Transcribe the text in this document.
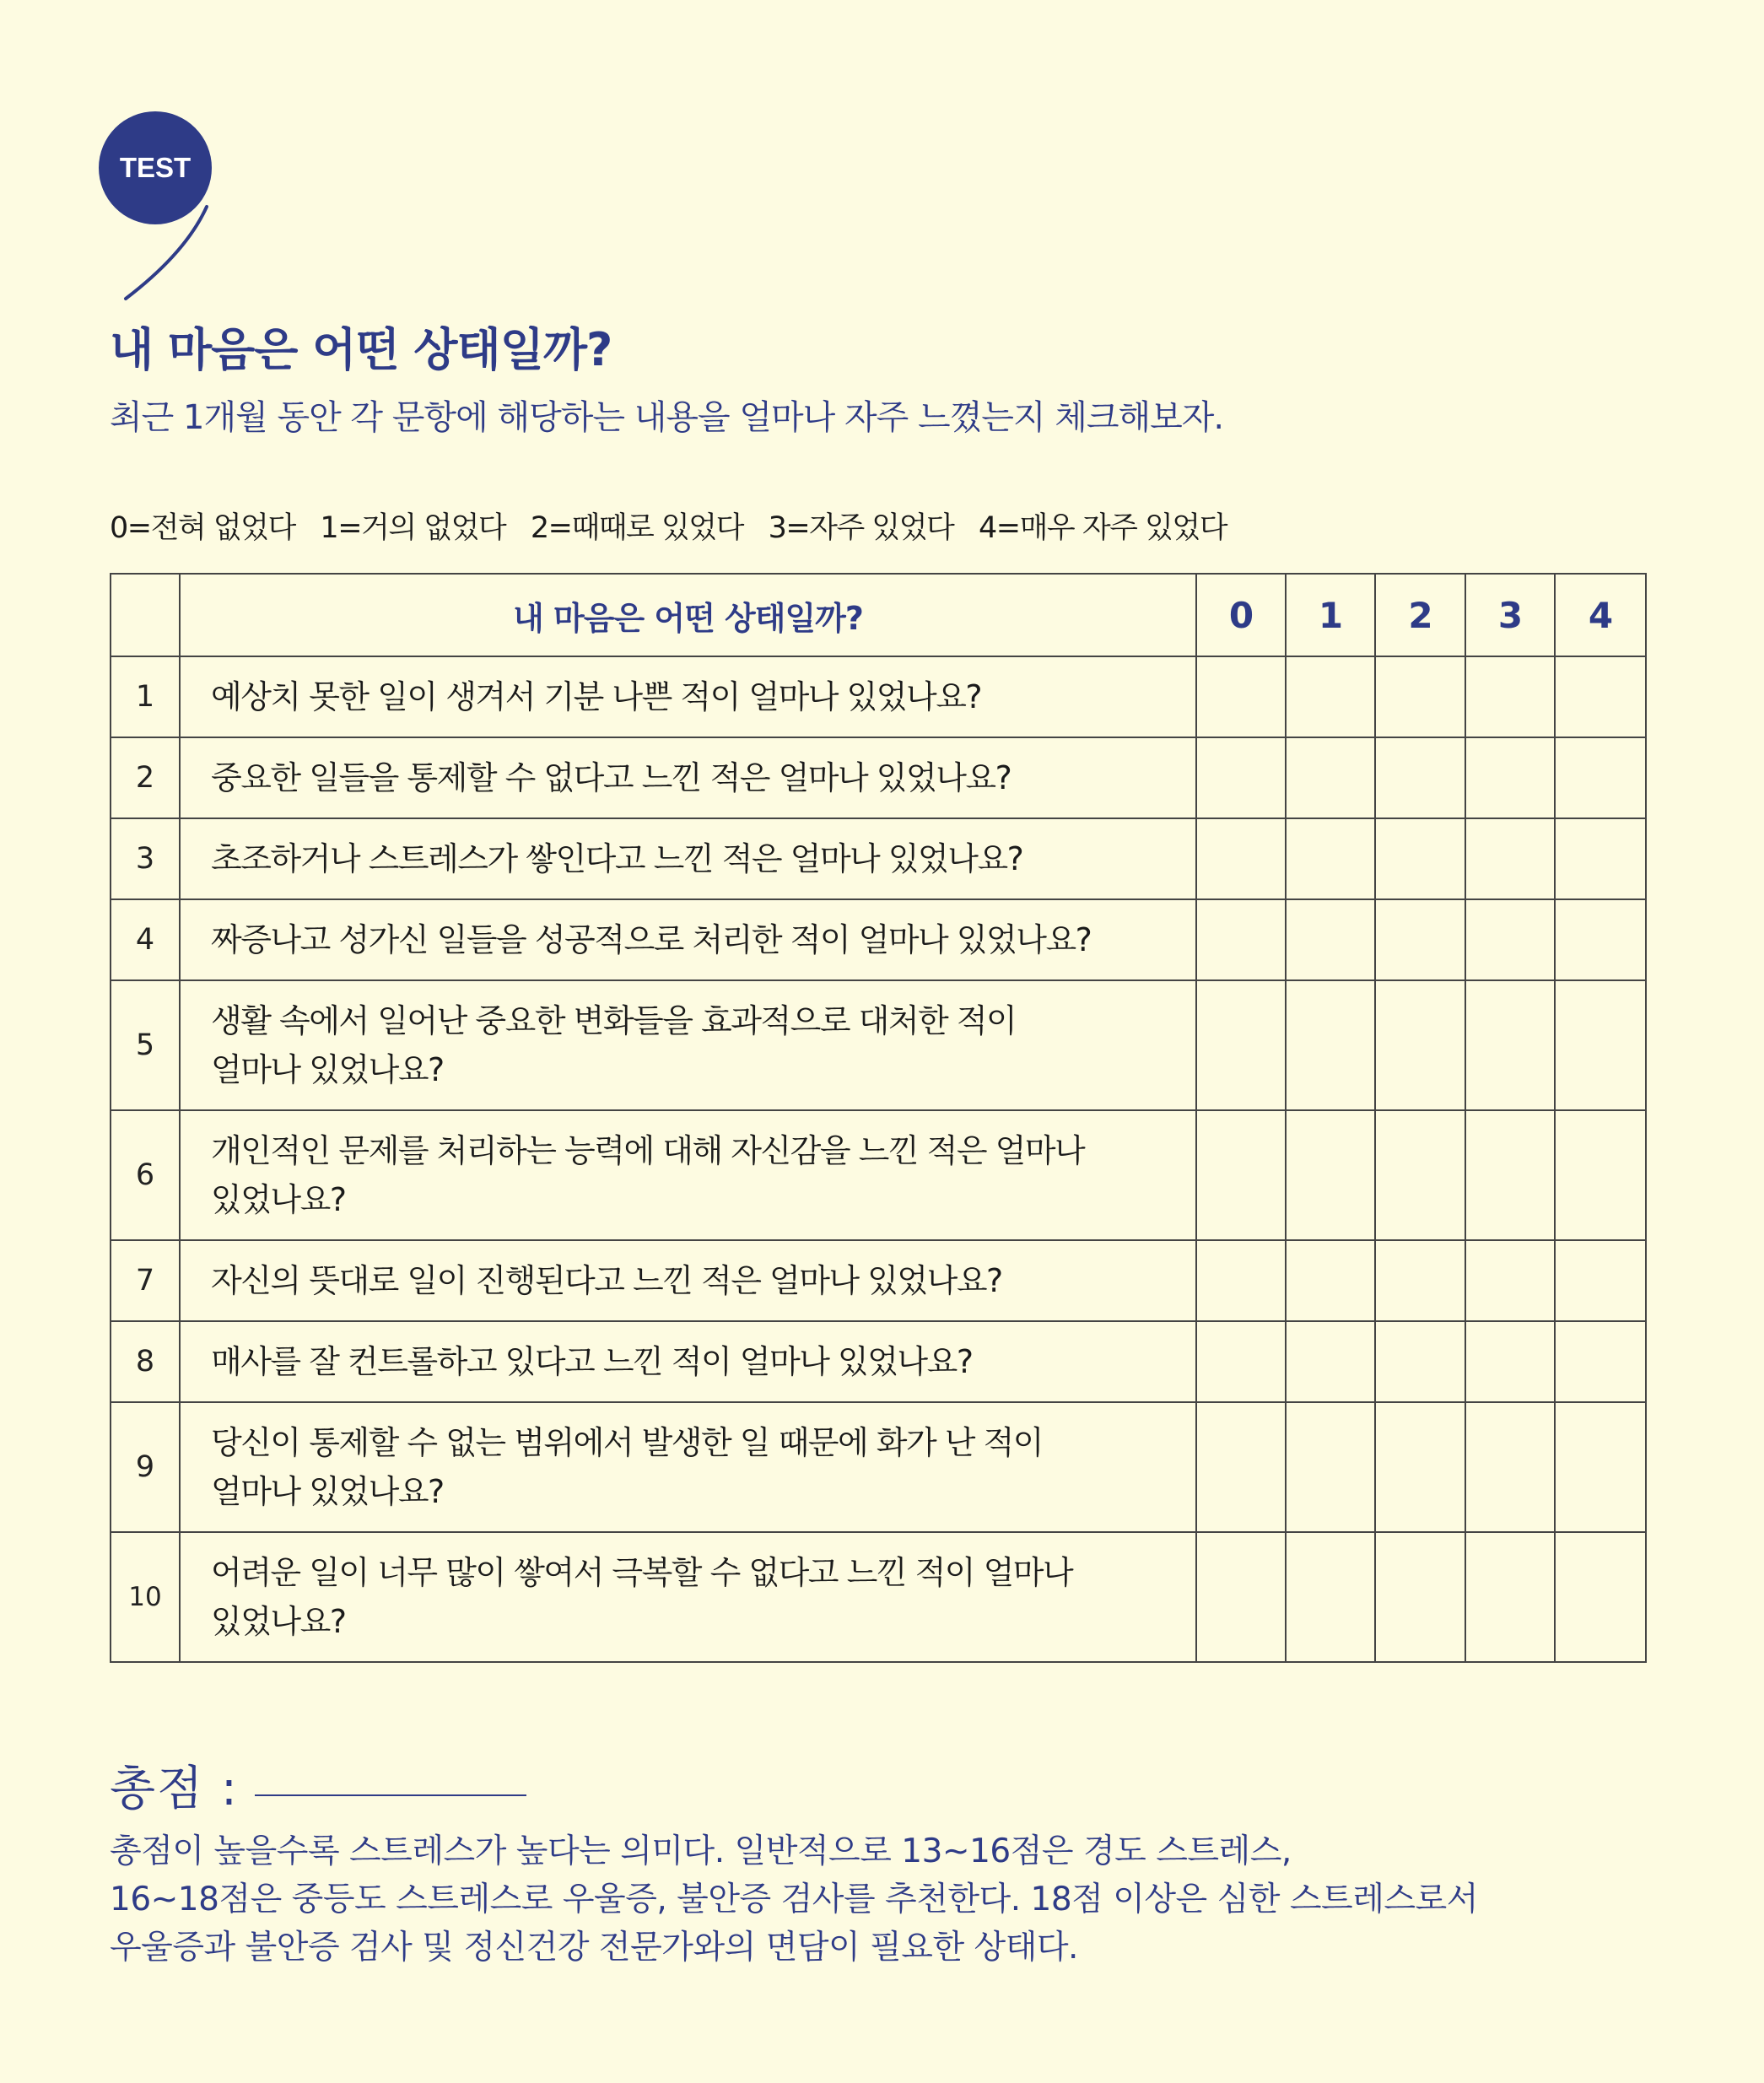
TEST
내 마음은 어떤 상태일까?
최근 1개월 동안 각 문항에 해당하는 내용을 얼마나 자주 느꼈는지 체크해보자.
0=전혀 없었다 1=거의 없었다 2=때때로 있었다 3=자주 있었다 4=매우 자주 있었다
	내 마음은 어떤 상태일까?	0	1	2	3	4
1	예상치 못한 일이 생겨서 기분 나쁜 적이 얼마나 있었나요?					

2	중요한 일들을 통제할 수 없다고 느낀 적은 얼마나 있었나요?					

3	초조하거나 스트레스가 쌓인다고 느낀 적은 얼마나 있었나요?					

4	짜증나고 성가신 일들을 성공적으로 처리한 적이 얼마나 있었나요?					

5	생활 속에서 일어난 중요한 변화들을 효과적으로 대처한 적이
얼마나 있었나요?					

6	개인적인 문제를 처리하는 능력에 대해 자신감을 느낀 적은 얼마나
있었나요?					

7	자신의 뜻대로 일이 진행된다고 느낀 적은 얼마나 있었나요?					

8	매사를 잘 컨트롤하고 있다고 느낀 적이 얼마나 있었나요?					

9	당신이 통제할 수 없는 범위에서 발생한 일 때문에 화가 난 적이
얼마나 있었나요?					

10	어려운 일이 너무 많이 쌓여서 극복할 수 없다고 느낀 적이 얼마나
있었나요?					

총점 :
총점이 높을수록 스트레스가 높다는 의미다. 일반적으로 13~16점은 경도 스트레스,
16~18점은 중등도 스트레스로 우울증, 불안증 검사를 추천한다. 18점 이상은 심한 스트레스로서
우울증과 불안증 검사 및 정신건강 전문가와의 면담이 필요한 상태다.
